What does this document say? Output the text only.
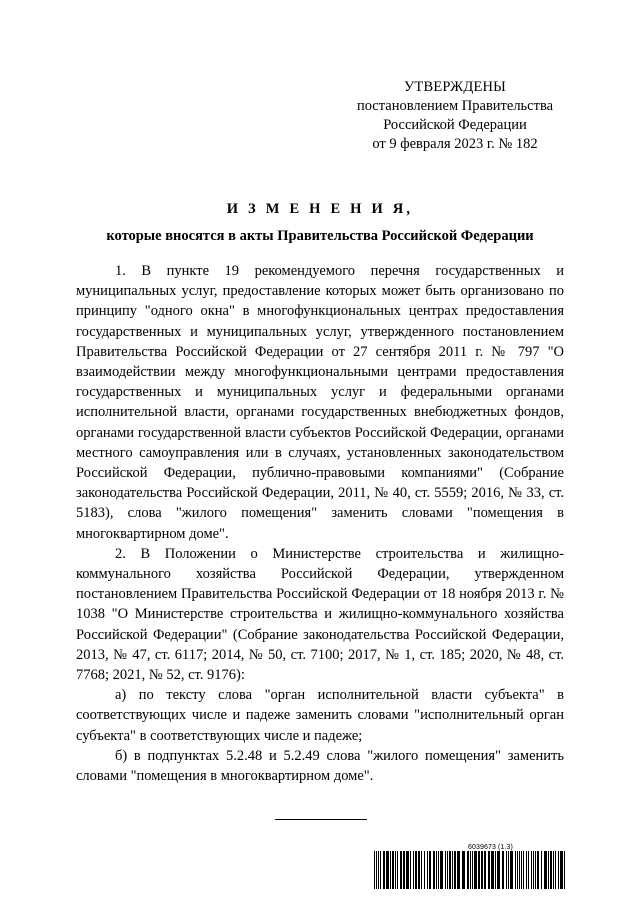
УТВЕРЖДЕНЫ
постановлением Правительства
Российской Федерации
от 9 февраля 2023 г. № 182
И З М Е Н Е Н И Я,
которые вносятся в акты Правительства Российской Федерации

1. В пункте 19 рекомендуемого перечня государственных и муниципальных услуг, предоставление которых может быть организовано по принципу "одного окна" в многофункциональных центрах предоставления государственных и муниципальных услуг, утвержденного постановлением Правительства Российской Федерации от 27 сентября 2011 г. № 797 "О взаимодействии между многофункциональными центрами предоставления государственных и муниципальных услуг и федеральными органами исполнительной власти, органами государственных внебюджетных фондов, органами государственной власти субъектов Российской Федерации, органами местного самоуправления или в случаях, установленных законодательством Российской Федерации, публично-правовыми компаниями" (Собрание законодательства Российской Федерации, 2011, № 40, ст. 5559; 2016, № 33, ст. 5183), слова "жилого помещения" заменить словами "помещения в многоквартирном доме".

2. В Положении о Министерстве строительства и жилищно-коммунального хозяйства Российской Федерации, утвержденном постановлением Правительства Российской Федерации от 18 ноября 2013 г. № 1038 "О Министерстве строительства и жилищно-коммунального хозяйства Российской Федерации" (Собрание законодательства Российской Федерации, 2013, № 47, ст. 6117; 2014, № 50, ст. 7100; 2017, № 1, ст. 185; 2020, № 48, ст. 7768; 2021, № 52, ст. 9176):

а) по тексту слова "орган исполнительной власти субъекта" в соответствующих числе и падеже заменить словами "исполнительный орган субъекта" в соответствующих числе и падеже;

б) в подпунктах 5.2.48 и 5.2.49 слова "жилого помещения" заменить словами "помещения в многоквартирном доме".

6039673 (1.3)
